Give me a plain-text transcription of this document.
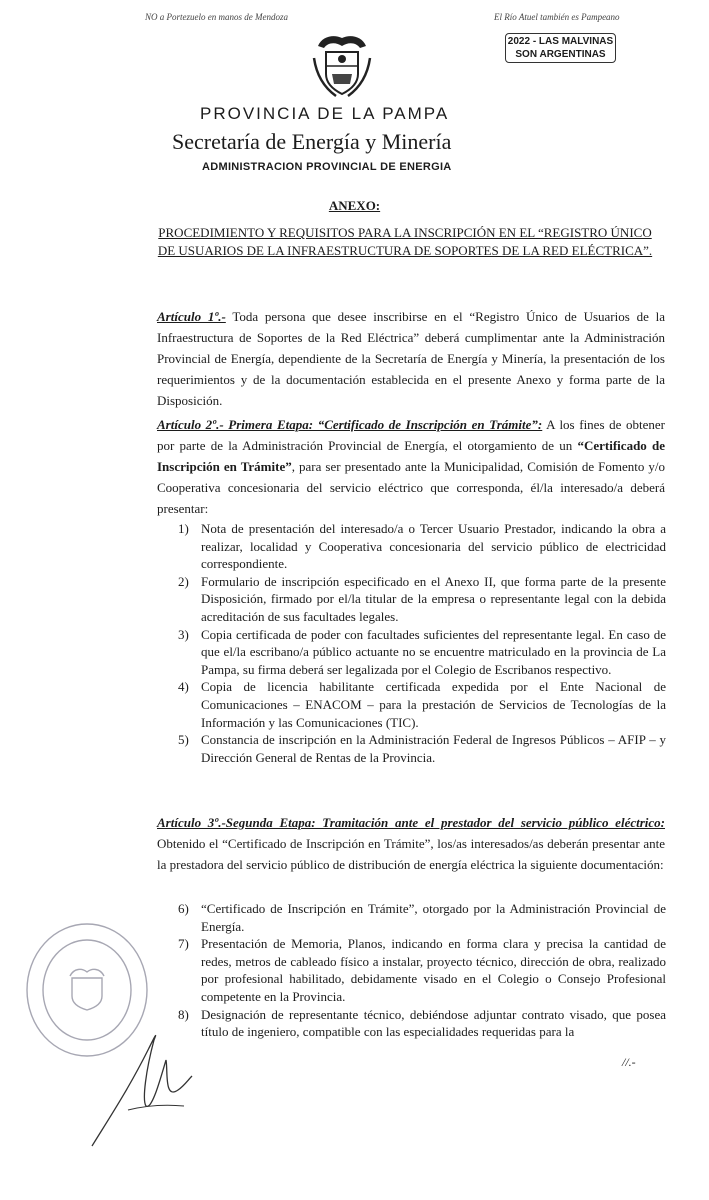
NO a Portezuelo en manos de Mendoza	El Río Atuel también es Pampeano
2022 - LAS MALVINAS
SON ARGENTINAS
PROVINCIA DE LA PAMPA
Secretaría de Energía y Minería
ADMINISTRACION PROVINCIAL DE ENERGIA
ANEXO:
PROCEDIMIENTO Y REQUISITOS PARA LA INSCRIPCIÓN EN EL “REGISTRO ÚNICO DE USUARIOS DE LA INFRAESTRUCTURA DE SOPORTES DE LA RED ELÉCTRICA”.
Artículo 1º.- Toda persona que desee inscribirse en el “Registro Único de Usuarios de la Infraestructura de Soportes de la Red Eléctrica” deberá cumplimentar ante la Administración Provincial de Energía, dependiente de la Secretaría de Energía y Minería, la presentación de los requerimientos y de la documentación establecida en el presente Anexo y forma parte de la Disposición.
Artículo 2º.- Primera Etapa: “Certificado de Inscripción en Trámite”: A los fines de obtener por parte de la Administración Provincial de Energía, el otorgamiento de un “Certificado de Inscripción en Trámite”, para ser presentado ante la Municipalidad, Comisión de Fomento y/o Cooperativa concesionaria del servicio eléctrico que corresponda, él/la interesado/a deberá presentar:
1) Nota de presentación del interesado/a o Tercer Usuario Prestador, indicando la obra a realizar, localidad y Cooperativa concesionaria del servicio público de electricidad correspondiente.
2) Formulario de inscripción especificado en el Anexo II, que forma parte de la presente Disposición, firmado por el/la titular de la empresa o representante legal con la debida acreditación de sus facultades legales.
3) Copia certificada de poder con facultades suficientes del representante legal. En caso de que el/la escribano/a público actuante no se encuentre matriculado en la provincia de La Pampa, su firma deberá ser legalizada por el Colegio de Escribanos respectivo.
4) Copia de licencia habilitante certificada expedida por el Ente Nacional de Comunicaciones – ENACOM – para la prestación de Servicios de Tecnologías de la Información y las Comunicaciones (TIC).
5) Constancia de inscripción en la Administración Federal de Ingresos Públicos – AFIP – y Dirección General de Rentas de la Provincia.
Artículo 3º.-Segunda Etapa: Tramitación ante el prestador del servicio público eléctrico: Obtenido el “Certificado de Inscripción en Trámite”, los/as interesados/as deberán presentar ante la prestadora del servicio público de distribución de energía eléctrica la siguiente documentación:
6) “Certificado de Inscripción en Trámite”, otorgado por la Administración Provincial de Energía.
7) Presentación de Memoria, Planos, indicando en forma clara y precisa la cantidad de redes, metros de cableado físico a instalar, proyecto técnico, dirección de obra, realizado por profesional habilitado, debidamente visado en el Colegio o Consejo Profesional competente en la Provincia.
8) Designación de representante técnico, debiéndose adjuntar contrato visado, que posea título de ingeniero, compatible con las especialidades requeridas para la
//.-
